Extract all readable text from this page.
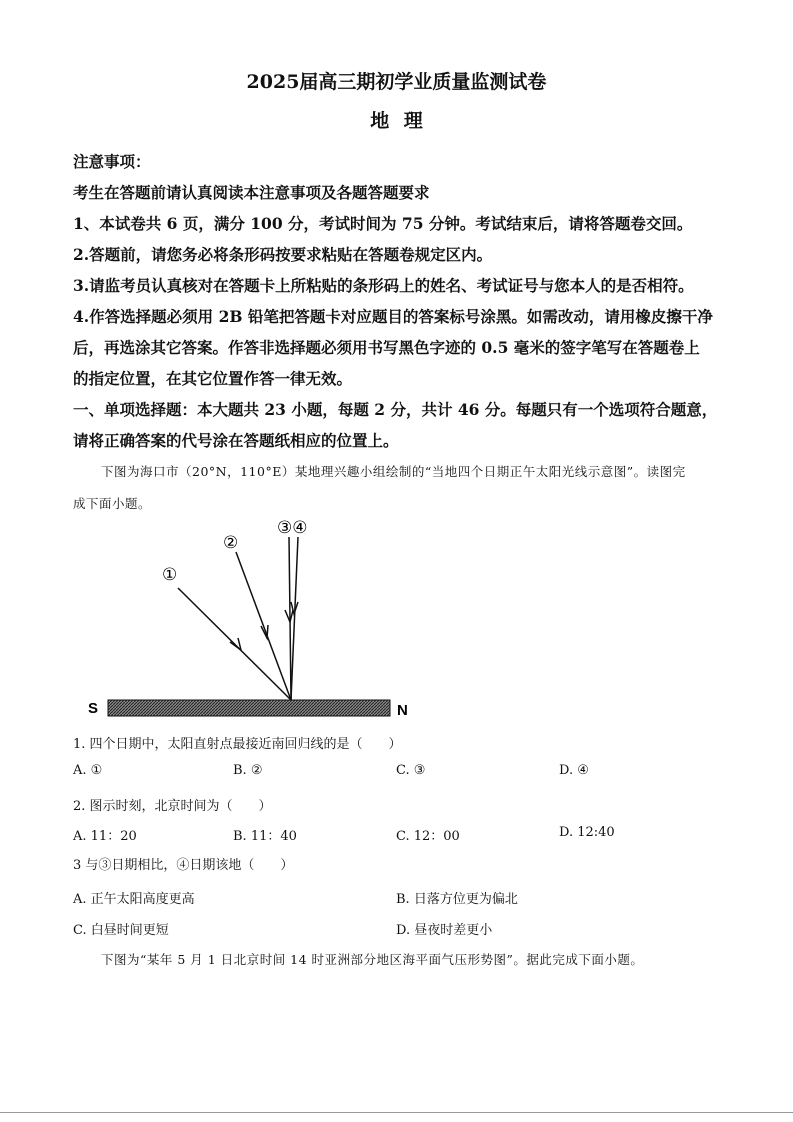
2025届高三期初学业质量监测试卷
地 理
注意事项：
考生在答题前请认真阅读本注意事项及各题答题要求
1、本试卷共 6 页，满分 100 分，考试时间为 75 分钟。考试结束后，请将答题卷交回。
2.答题前，请您务必将条形码按要求粘贴在答题卷规定区内。
3.请监考员认真核对在答题卡上所粘贴的条形码上的姓名、考试证号与您本人的是否相符。
4.作答选择题必须用 2B 铅笔把答题卡对应题目的答案标号涂黑。如需改动，请用橡皮擦干净
后，再选涂其它答案。作答非选择题必须用书写黑色字迹的 0.5 毫米的签字笔写在答题卷上
的指定位置，在其它位置作答一律无效。
一、单项选择题：本大题共 23 小题，每题 2 分，共计 46 分。每题只有一个选项符合题意，
请将正确答案的代号涂在答题纸相应的位置上。
下图为海口市（20°N，110°E）某地理兴趣小组绘制的“当地四个日期正午太阳光线示意图”。读图完
成下面小题。
①
②
③④
S	N
1. 四个日期中，太阳直射点最接近南回归线的是（　　）
A. ①	B. ②	C. ③	D. ④
2. 图示时刻，北京时间为（　　）
A. 11：20	B. 11：40	C. 12：00	D. 12:40
3 与③日期相比，④日期该地（　　）
A. 正午太阳高度更高	B. 日落方位更为偏北
C. 白昼时间更短	D. 昼夜时差更小
下图为“某年 5 月 1 日北京时间 14 时亚洲部分地区海平面气压形势图”。据此完成下面小题。
